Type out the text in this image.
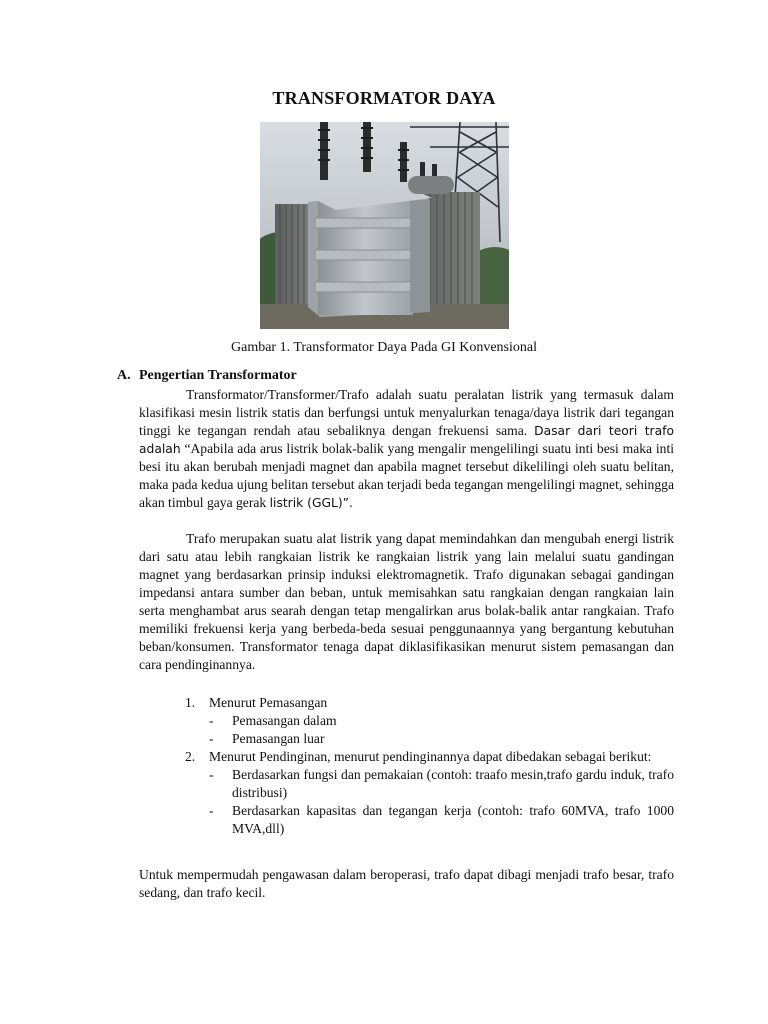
TRANSFORMATOR DAYA
Gambar 1. Transformator Daya Pada GI Konvensional
A. Pengertian Transformator

Transformator/Transformer/Trafo adalah suatu peralatan listrik yang termasuk dalam klasifikasi mesin listrik statis dan berfungsi untuk menyalurkan tenaga/daya listrik dari tegangan tinggi ke tegangan rendah atau sebaliknya dengan frekuensi sama. Dasar dari teori trafo adalah “Apabila ada arus listrik bolak-balik yang mengalir mengelilingi suatu inti besi maka inti besi itu akan berubah menjadi magnet dan apabila magnet tersebut dikelilingi oleh suatu belitan, maka pada kedua ujung belitan tersebut akan terjadi beda tegangan mengelilingi magnet, sehingga akan timbul gaya gerak listrik (GGL)”.

Trafo merupakan suatu alat listrik yang dapat memindahkan dan mengubah energi listrik dari satu atau lebih rangkaian listrik ke rangkaian listrik yang lain melalui suatu gandingan magnet yang berdasarkan prinsip induksi elektromagnetik. Trafo digunakan sebagai gandingan impedansi antara sumber dan beban, untuk memisahkan satu rangkaian dengan rangkaian lain serta menghambat arus searah dengan tetap mengalirkan arus bolak-balik antar rangkaian. Trafo memiliki frekuensi kerja yang berbeda-beda sesuai penggunaannya yang bergantung kebutuhan beban/konsumen. Transformator tenaga dapat diklasifikasikan menurut sistem pemasangan dan cara pendinginannya.

1. Menurut Pemasangan
- Pemasangan dalam
- Pemasangan luar
2. Menurut Pendinginan, menurut pendinginannya dapat dibedakan sebagai berikut:
- Berdasarkan fungsi dan pemakaian (contoh: traafo mesin,trafo gardu induk, trafo distribusi)
- Berdasarkan kapasitas dan tegangan kerja (contoh: trafo 60MVA, trafo 1000 MVA,dll)

Untuk mempermudah pengawasan dalam beroperasi, trafo dapat dibagi menjadi trafo besar, trafo sedang, dan trafo kecil.
